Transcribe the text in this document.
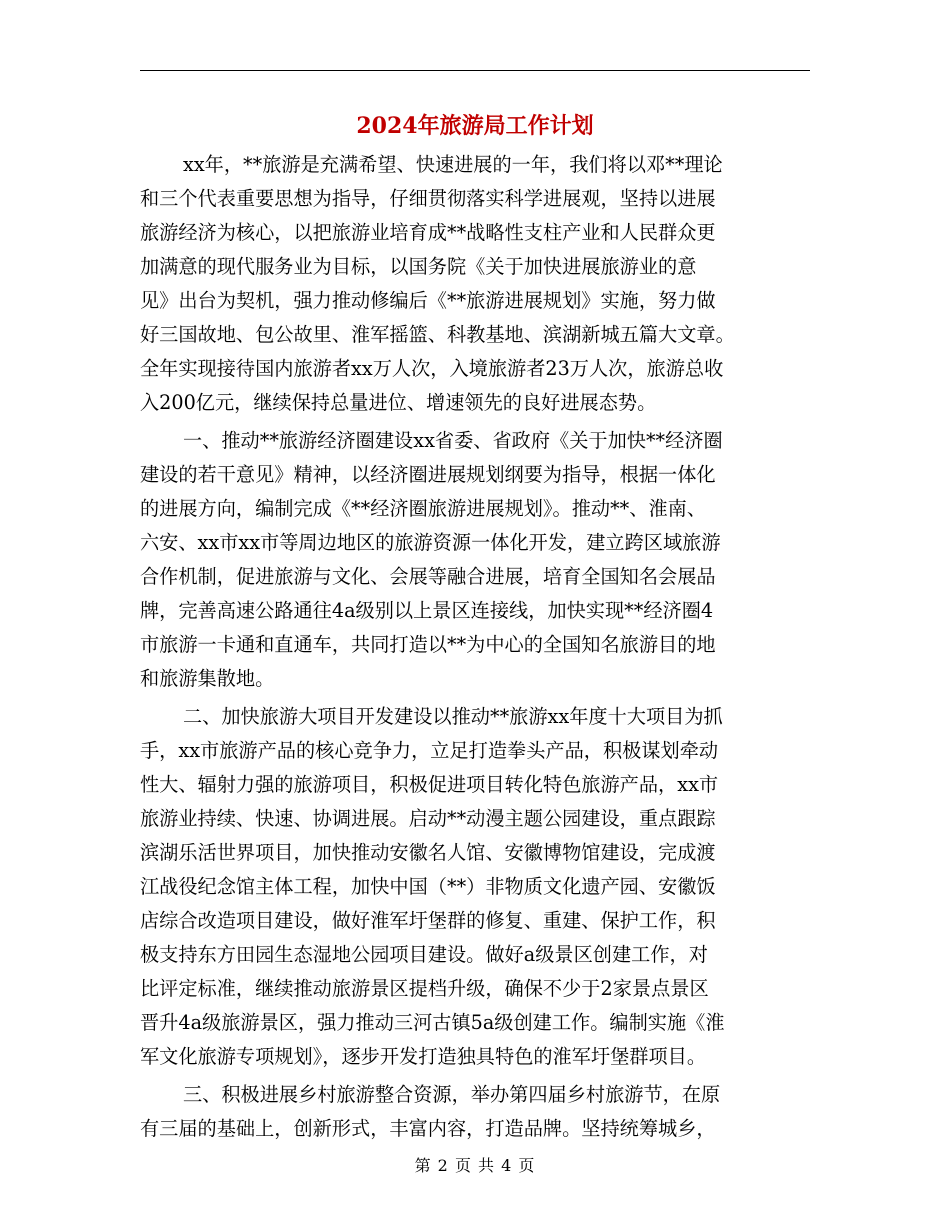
2024年旅游局工作计划
xx年，**旅游是充满希望、快速进展的一年，我们将以邓**理论
和三个代表重要思想为指导，仔细贯彻落实科学进展观，坚持以进展
旅游经济为核心，以把旅游业培育成**战略性支柱产业和人民群众更
加满意的现代服务业为目标，以国务院《关于加快进展旅游业的意
见》出台为契机，强力推动修编后《**旅游进展规划》实施，努力做
好三国故地、包公故里、淮军摇篮、科教基地、滨湖新城五篇大文章。
全年实现接待国内旅游者xx万人次，入境旅游者23万人次，旅游总收
入200亿元，继续保持总量进位、增速领先的良好进展态势。
一、推动**旅游经济圈建设xx省委、省政府《关于加快**经济圈
建设的若干意见》精神，以经济圈进展规划纲要为指导，根据一体化
的进展方向，编制完成《**经济圈旅游进展规划》。推动**、淮南、
六安、xx市xx市等周边地区的旅游资源一体化开发，建立跨区域旅游
合作机制，促进旅游与文化、会展等融合进展，培育全国知名会展品
牌，完善高速公路通往4a级别以上景区连接线，加快实现**经济圈4
市旅游一卡通和直通车，共同打造以**为中心的全国知名旅游目的地
和旅游集散地。
二、加快旅游大项目开发建设以推动**旅游xx年度十大项目为抓
手，xx市旅游产品的核心竞争力，立足打造拳头产品，积极谋划牵动
性大、辐射力强的旅游项目，积极促进项目转化特色旅游产品，xx市
旅游业持续、快速、协调进展。启动**动漫主题公园建设，重点跟踪
滨湖乐活世界项目，加快推动安徽名人馆、安徽博物馆建设，完成渡
江战役纪念馆主体工程，加快中国（**）非物质文化遗产园、安徽饭
店综合改造项目建设，做好淮军圩堡群的修复、重建、保护工作，积
极支持东方田园生态湿地公园项目建设。做好a级景区创建工作，对
比评定标准，继续推动旅游景区提档升级，确保不少于2家景点景区
晋升4a级旅游景区，强力推动三河古镇5a级创建工作。编制实施《淮
军文化旅游专项规划》，逐步开发打造独具特色的淮军圩堡群项目。
三、积极进展乡村旅游整合资源，举办第四届乡村旅游节，在原
有三届的基础上，创新形式，丰富内容，打造品牌。坚持统筹城乡，
第 2 页 共 4 页
